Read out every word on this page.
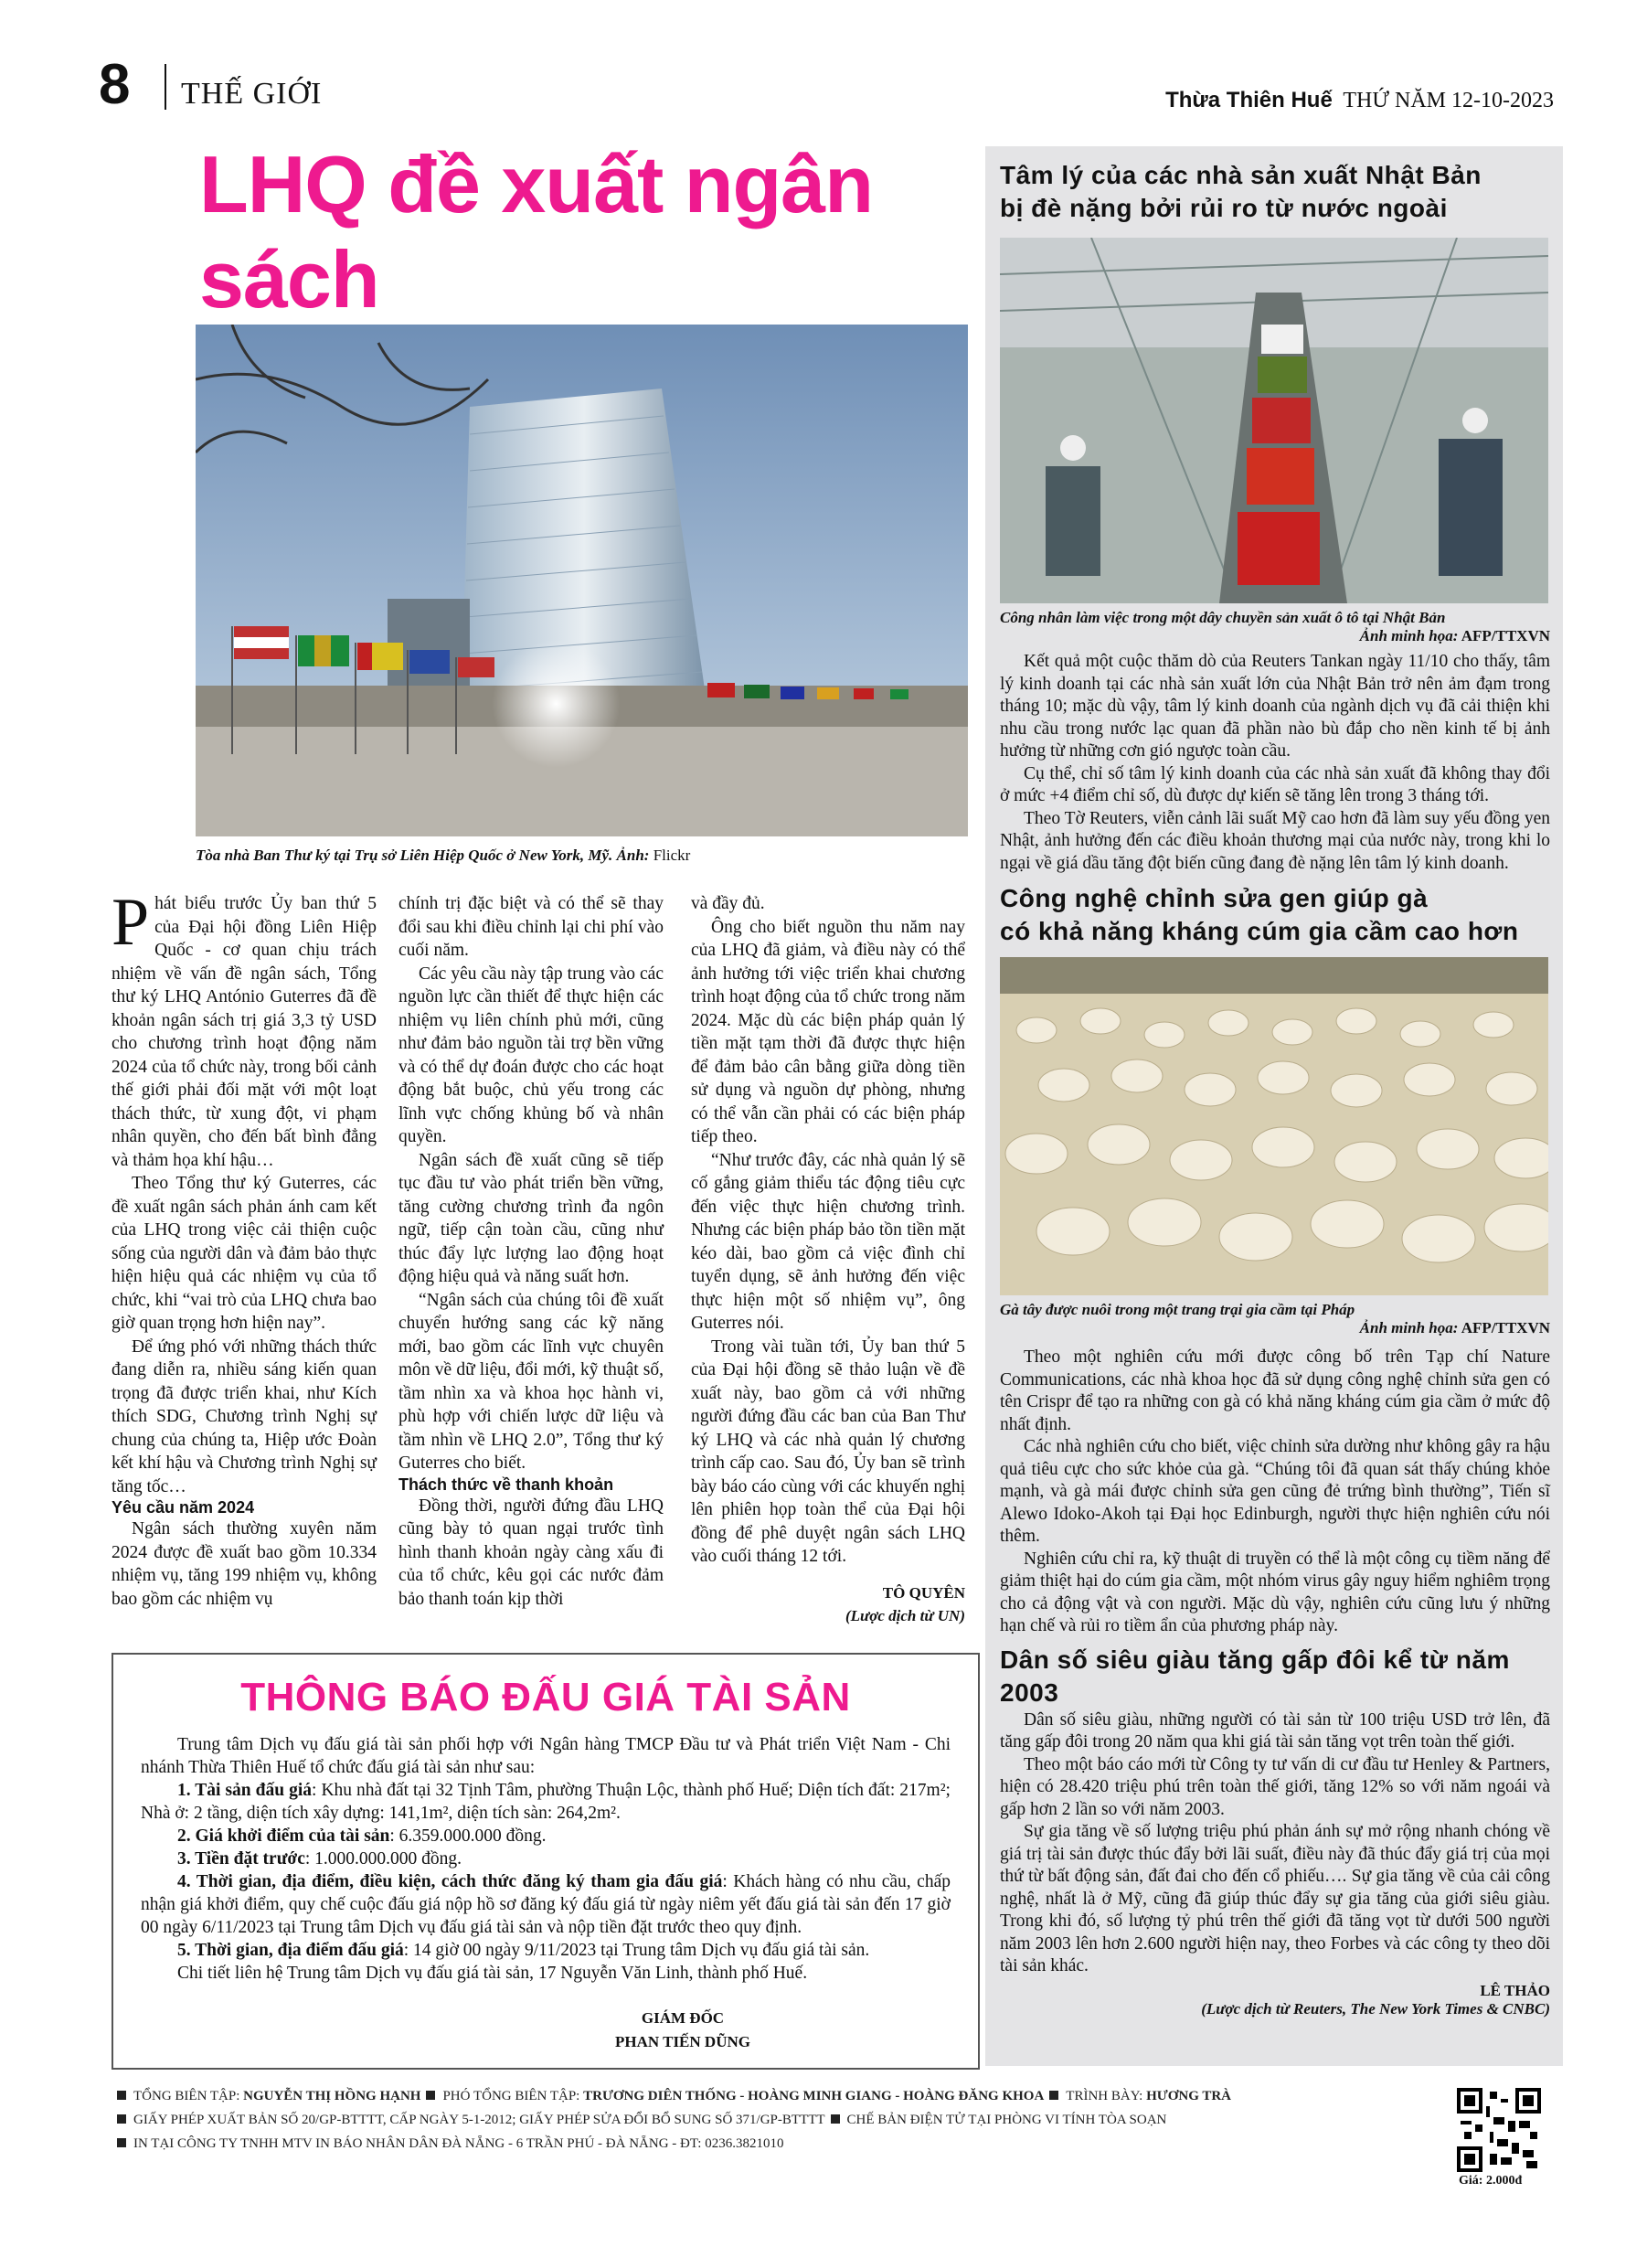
8 THẾ GIỚI	Thừa Thiên Huế THỨ NĂM 12-10-2023
LHQ đề xuất ngân sách
Tòa nhà Ban Thư ký tại Trụ sở Liên Hiệp Quốc ở New York, Mỹ. Ảnh: Flickr

Phát biểu trước Ủy ban thứ 5 của Đại hội đồng Liên Hiệp Quốc - cơ quan chịu trách nhiệm về vấn đề ngân sách, Tổng thư ký LHQ António Guterres đã đề khoản ngân sách trị giá 3,3 tỷ USD cho chương trình hoạt động năm 2024 của tổ chức này, trong bối cảnh thế giới phải đối mặt với một loạt thách thức, từ xung đột, vi phạm nhân quyền, cho đến bất bình đẳng và thảm họa khí hậu…

Theo Tổng thư ký Guterres, các đề xuất ngân sách phản ánh cam kết của LHQ trong việc cải thiện cuộc sống của người dân và đảm bảo thực hiện hiệu quả các nhiệm vụ của tổ chức, khi “vai trò của LHQ chưa bao giờ quan trọng hơn hiện nay”.

Để ứng phó với những thách thức đang diễn ra, nhiều sáng kiến quan trọng đã được triển khai, như Kích thích SDG, Chương trình Nghị sự chung của chúng ta, Hiệp ước Đoàn kết khí hậu và Chương trình Nghị sự tăng tốc…

Yêu cầu năm 2024

Ngân sách thường xuyên năm 2024 được đề xuất bao gồm 10.334 nhiệm vụ, tăng 199 nhiệm vụ, không bao gồm các nhiệm vụ

chính trị đặc biệt và có thể sẽ thay đổi sau khi điều chỉnh lại chi phí vào cuối năm.

Các yêu cầu này tập trung vào các nguồn lực cần thiết để thực hiện các nhiệm vụ liên chính phủ mới, cũng như đảm bảo nguồn tài trợ bền vững và có thể dự đoán được cho các hoạt động bắt buộc, chủ yếu trong các lĩnh vực chống khủng bố và nhân quyền.

Ngân sách đề xuất cũng sẽ tiếp tục đầu tư vào phát triển bền vững, tăng cường chương trình đa ngôn ngữ, tiếp cận toàn cầu, cũng như thúc đẩy lực lượng lao động hoạt động hiệu quả và năng suất hơn.

“Ngân sách của chúng tôi đề xuất chuyển hướng sang các kỹ năng mới, bao gồm các lĩnh vực chuyên môn về dữ liệu, đổi mới, kỹ thuật số, tầm nhìn xa và khoa học hành vi, phù hợp với chiến lược dữ liệu và tầm nhìn về LHQ 2.0”, Tổng thư ký Guterres cho biết.

Thách thức về thanh khoản

Đồng thời, người đứng đầu LHQ cũng bày tỏ quan ngại trước tình hình thanh khoản ngày càng xấu đi của tổ chức, kêu gọi các nước đảm bảo thanh toán kịp thời

và đầy đủ.

Ông cho biết nguồn thu năm nay của LHQ đã giảm, và điều này có thể ảnh hưởng tới việc triển khai chương trình hoạt động của tổ chức trong năm 2024. Mặc dù các biện pháp quản lý tiền mặt tạm thời đã được thực hiện để đảm bảo cân bằng giữa dòng tiền sử dụng và nguồn dự phòng, nhưng có thể vẫn cần phải có các biện pháp tiếp theo.

“Như trước đây, các nhà quản lý sẽ cố gắng giảm thiểu tác động tiêu cực đến việc thực hiện chương trình. Nhưng các biện pháp bảo tồn tiền mặt kéo dài, bao gồm cả việc đình chỉ tuyển dụng, sẽ ảnh hưởng đến việc thực hiện một số nhiệm vụ”, ông Guterres nói.

Trong vài tuần tới, Ủy ban thứ 5 của Đại hội đồng sẽ thảo luận về đề xuất này, bao gồm cả với những người đứng đầu các ban của Ban Thư ký LHQ và các nhà quản lý chương trình cấp cao. Sau đó, Ủy ban sẽ trình bày báo cáo cùng với các khuyến nghị lên phiên họp toàn thể của Đại hội đồng để phê duyệt ngân sách LHQ vào cuối tháng 12 tới.

TÔ QUYÊN
(Lược dịch từ UN)
Tâm lý của các nhà sản xuất Nhật Bản
bị đè nặng bởi rủi ro từ nước ngoài
Công nhân làm việc trong một dây chuyền sản xuất ô tô tại Nhật Bản
Ảnh minh họa: AFP/TTXVN

Kết quả một cuộc thăm dò của Reuters Tankan ngày 11/10 cho thấy, tâm lý kinh doanh tại các nhà sản xuất lớn của Nhật Bản trở nên ảm đạm trong tháng 10; mặc dù vậy, tâm lý kinh doanh của ngành dịch vụ đã cải thiện khi nhu cầu trong nước lạc quan đã phần nào bù đắp cho nền kinh tế bị ảnh hưởng từ những cơn gió ngược toàn cầu.

Cụ thể, chỉ số tâm lý kinh doanh của các nhà sản xuất đã không thay đổi ở mức +4 điểm chỉ số, dù được dự kiến sẽ tăng lên trong 3 tháng tới.

Theo Tờ Reuters, viễn cảnh lãi suất Mỹ cao hơn đã làm suy yếu đồng yen Nhật, ảnh hưởng đến các điều khoản thương mại của nước này, trong khi lo ngại về giá dầu tăng đột biến cũng đang đè nặng lên tâm lý kinh doanh.

Công nghệ chỉnh sửa gen giúp gà
có khả năng kháng cúm gia cầm cao hơn
Gà tây được nuôi trong một trang trại gia cầm tại Pháp
Ảnh minh họa: AFP/TTXVN

Theo một nghiên cứu mới được công bố trên Tạp chí Nature Communications, các nhà khoa học đã sử dụng công nghệ chỉnh sửa gen có tên Crispr để tạo ra những con gà có khả năng kháng cúm gia cầm ở mức độ nhất định.

Các nhà nghiên cứu cho biết, việc chỉnh sửa dường như không gây ra hậu quả tiêu cực cho sức khỏe của gà. “Chúng tôi đã quan sát thấy chúng khỏe mạnh, và gà mái được chỉnh sửa gen cũng đẻ trứng bình thường”, Tiến sĩ Alewo Idoko-Akoh tại Đại học Edinburgh, người thực hiện nghiên cứu nói thêm.

Nghiên cứu chỉ ra, kỹ thuật di truyền có thể là một công cụ tiềm năng để giảm thiệt hại do cúm gia cầm, một nhóm virus gây nguy hiểm nghiêm trọng cho cả động vật và con người. Mặc dù vậy, nghiên cứu cũng lưu ý những hạn chế và rủi ro tiềm ẩn của phương pháp này.

Dân số siêu giàu tăng gấp đôi kể từ năm 2003

Dân số siêu giàu, những người có tài sản từ 100 triệu USD trở lên, đã tăng gấp đôi trong 20 năm qua khi giá tài sản tăng vọt trên toàn thế giới.

Theo một báo cáo mới từ Công ty tư vấn di cư đầu tư Henley & Partners, hiện có 28.420 triệu phú trên toàn thế giới, tăng 12% so với năm ngoái và gấp hơn 2 lần so với năm 2003.

Sự gia tăng về số lượng triệu phú phản ánh sự mở rộng nhanh chóng về giá trị tài sản được thúc đẩy bởi lãi suất, điều này đã thúc đẩy giá trị của mọi thứ từ bất động sản, đất đai cho đến cổ phiếu…. Sự gia tăng về của cải công nghệ, nhất là ở Mỹ, cũng đã giúp thúc đẩy sự gia tăng của giới siêu giàu. Trong khi đó, số lượng tỷ phú trên thế giới đã tăng vọt từ dưới 500 người năm 2003 lên hơn 2.600 người hiện nay, theo Forbes và các công ty theo dõi tài sản khác.

LÊ THẢO
(Lược dịch từ Reuters, The New York Times & CNBC)
THÔNG BÁO ĐẤU GIÁ TÀI SẢN

Trung tâm Dịch vụ đấu giá tài sản phối hợp với Ngân hàng TMCP Đầu tư và Phát triển Việt Nam - Chi nhánh Thừa Thiên Huế tổ chức đấu giá tài sản như sau:

1. Tài sản đấu giá: Khu nhà đất tại 32 Tịnh Tâm, phường Thuận Lộc, thành phố Huế; Diện tích đất: 217m²; Nhà ở: 2 tầng, diện tích xây dựng: 141,1m², diện tích sàn: 264,2m².

2. Giá khởi điểm của tài sản: 6.359.000.000 đồng.

3. Tiền đặt trước: 1.000.000.000 đồng.

4. Thời gian, địa điểm, điều kiện, cách thức đăng ký tham gia đấu giá: Khách hàng có nhu cầu, chấp nhận giá khởi điểm, quy chế cuộc đấu giá nộp hồ sơ đăng ký đấu giá từ ngày niêm yết đấu giá tài sản đến 17 giờ 00 ngày 6/11/2023 tại Trung tâm Dịch vụ đấu giá tài sản và nộp tiền đặt trước theo quy định.

5. Thời gian, địa điểm đấu giá: 14 giờ 00 ngày 9/11/2023 tại Trung tâm Dịch vụ đấu giá tài sản.

Chi tiết liên hệ Trung tâm Dịch vụ đấu giá tài sản, 17 Nguyễn Văn Linh, thành phố Huế.

GIÁM ĐỐC
PHAN TIẾN DŨNG
TỔNG BIÊN TẬP: NGUYỄN THỊ HỒNG HẠNH PHÓ TỔNG BIÊN TẬP: TRƯƠNG DIÊN THỐNG - HOÀNG MINH GIANG - HOÀNG ĐĂNG KHOA TRÌNH BÀY: HƯƠNG TRÀ
GIẤY PHÉP XUẤT BẢN SỐ 20/GP-BTTTT, CẤP NGÀY 5-1-2012; GIẤY PHÉP SỬA ĐỔI BỔ SUNG SỐ 371/GP-BTTTT CHẾ BẢN ĐIỆN TỬ TẠI PHÒNG VI TÍNH TÒA SOẠN
IN TẠI CÔNG TY TNHH MTV IN BÁO NHÂN DÂN ĐÀ NẴNG - 6 TRẦN PHÚ - ĐÀ NẴNG - ĐT: 0236.3821010
Giá: 2.000đ
